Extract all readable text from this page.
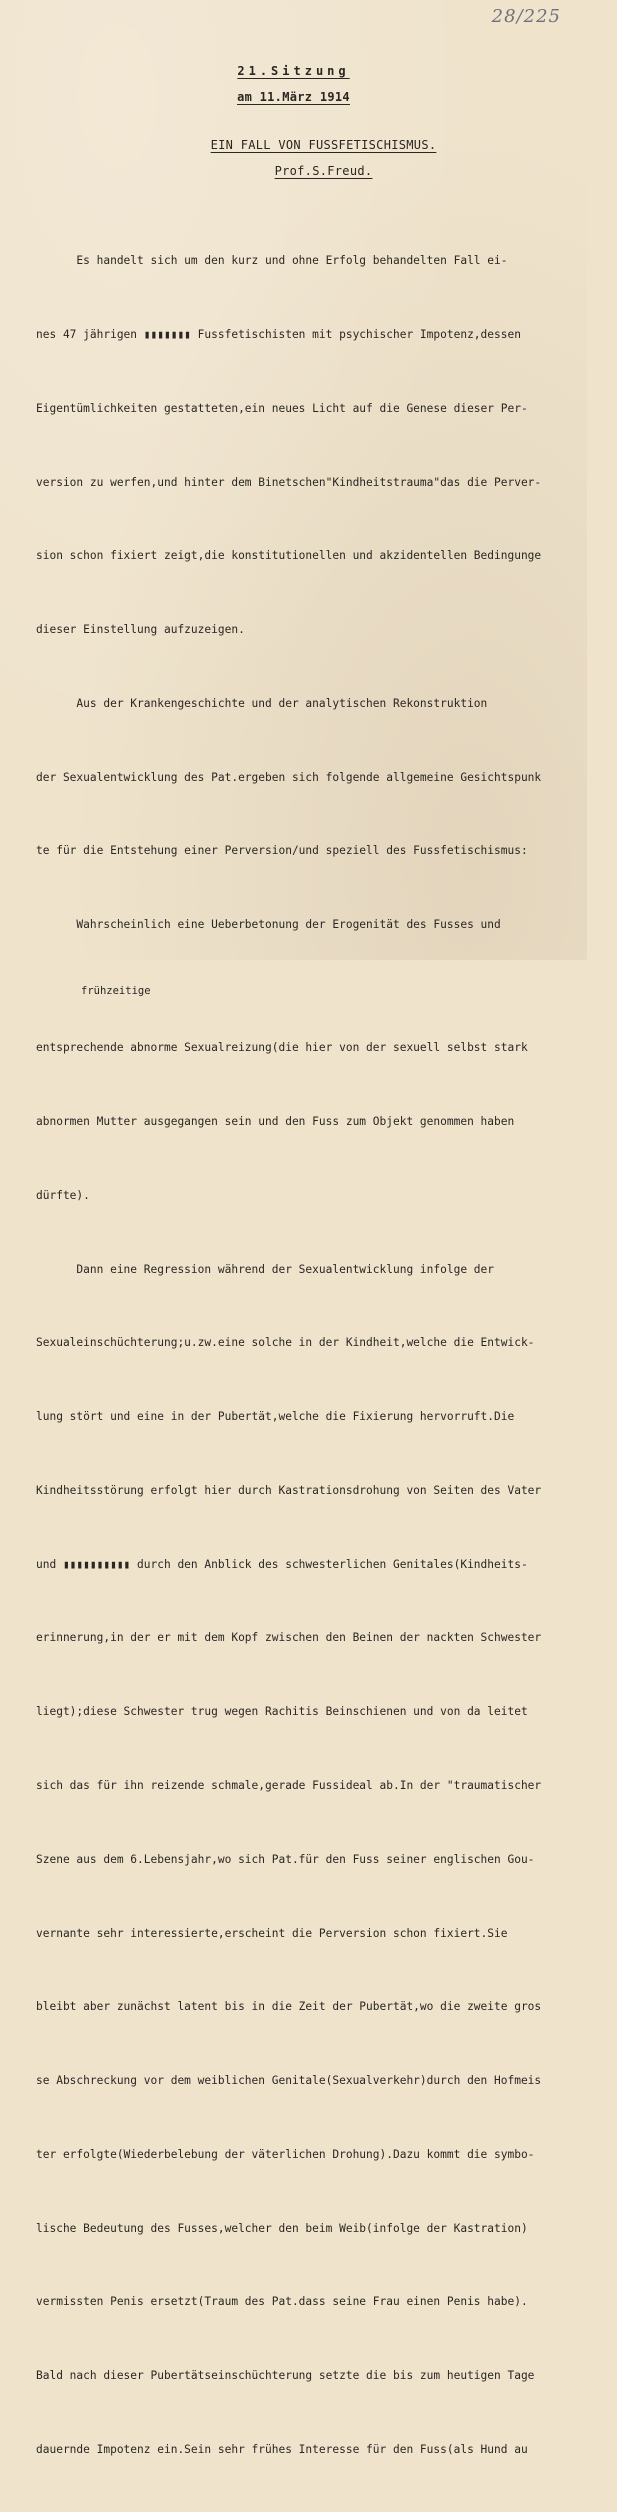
28/225
21.Sitzung
am 11.März 1914
EIN FALL VON FUSSFETISCHISMUS.
Prof.S.Freud.

Es handelt sich um den kurz und ohne Erfolg behandelten Fall ei-

nes 47 jährigen ▮▮▮▮▮▮▮ Fussfetischisten mit psychischer Impotenz,dessen

Eigentümlichkeiten gestatteten,ein neues Licht auf die Genese dieser Per-

version zu werfen,und hinter dem Binetschen"Kindheitstrauma"das die Perver-

sion schon fixiert zeigt,die konstitutionellen und akzidentellen Bedingunge

dieser Einstellung aufzuzeigen.

Aus der Krankengeschichte und der analytischen Rekonstruktion

der Sexualentwicklung des Pat.ergeben sich folgende allgemeine Gesichtspunk

te für die Entstehung einer Perversion/und speziell des Fussfetischismus:

Wahrscheinlich eine Ueberbetonung der Erogenität des Fusses und

frühzeitige

entsprechende abnorme Sexualreizung(die hier von der sexuell selbst stark

abnormen Mutter ausgegangen sein und den Fuss zum Objekt genommen haben

dürfte).

Dann eine Regression während der Sexualentwicklung infolge der

Sexualeinschüchterung;u.zw.eine solche in der Kindheit,welche die Entwick-

lung stört und eine in der Pubertät,welche die Fixierung hervorruft.Die

Kindheitsstörung erfolgt hier durch Kastrationsdrohung von Seiten des Vater

und ▮▮▮▮▮▮▮▮▮▮ durch den Anblick des schwesterlichen Genitales(Kindheits-

erinnerung,in der er mit dem Kopf zwischen den Beinen der nackten Schwester

liegt);diese Schwester trug wegen Rachitis Beinschienen und von da leitet

sich das für ihn reizende schmale,gerade Fussideal ab.In der "traumatischer

Szene aus dem 6.Lebensjahr,wo sich Pat.für den Fuss seiner englischen Gou-

vernante sehr interessierte,erscheint die Perversion schon fixiert.Sie

bleibt aber zunächst latent bis in die Zeit der Pubertät,wo die zweite gros

se Abschreckung vor dem weiblichen Genitale(Sexualverkehr)durch den Hofmeis

ter erfolgte(Wiederbelebung der väterlichen Drohung).Dazu kommt die symbo-

lische Bedeutung des Fusses,welcher den beim Weib(infolge der Kastration)

vermissten Penis ersetzt(Traum des Pat.dass seine Frau einen Penis habe).

Bald nach dieser Pubertätseinschüchterung setzte die bis zum heutigen Tage

dauernde Impotenz ein.Sein sehr frühes Interesse für den Fuss(als Hund au
